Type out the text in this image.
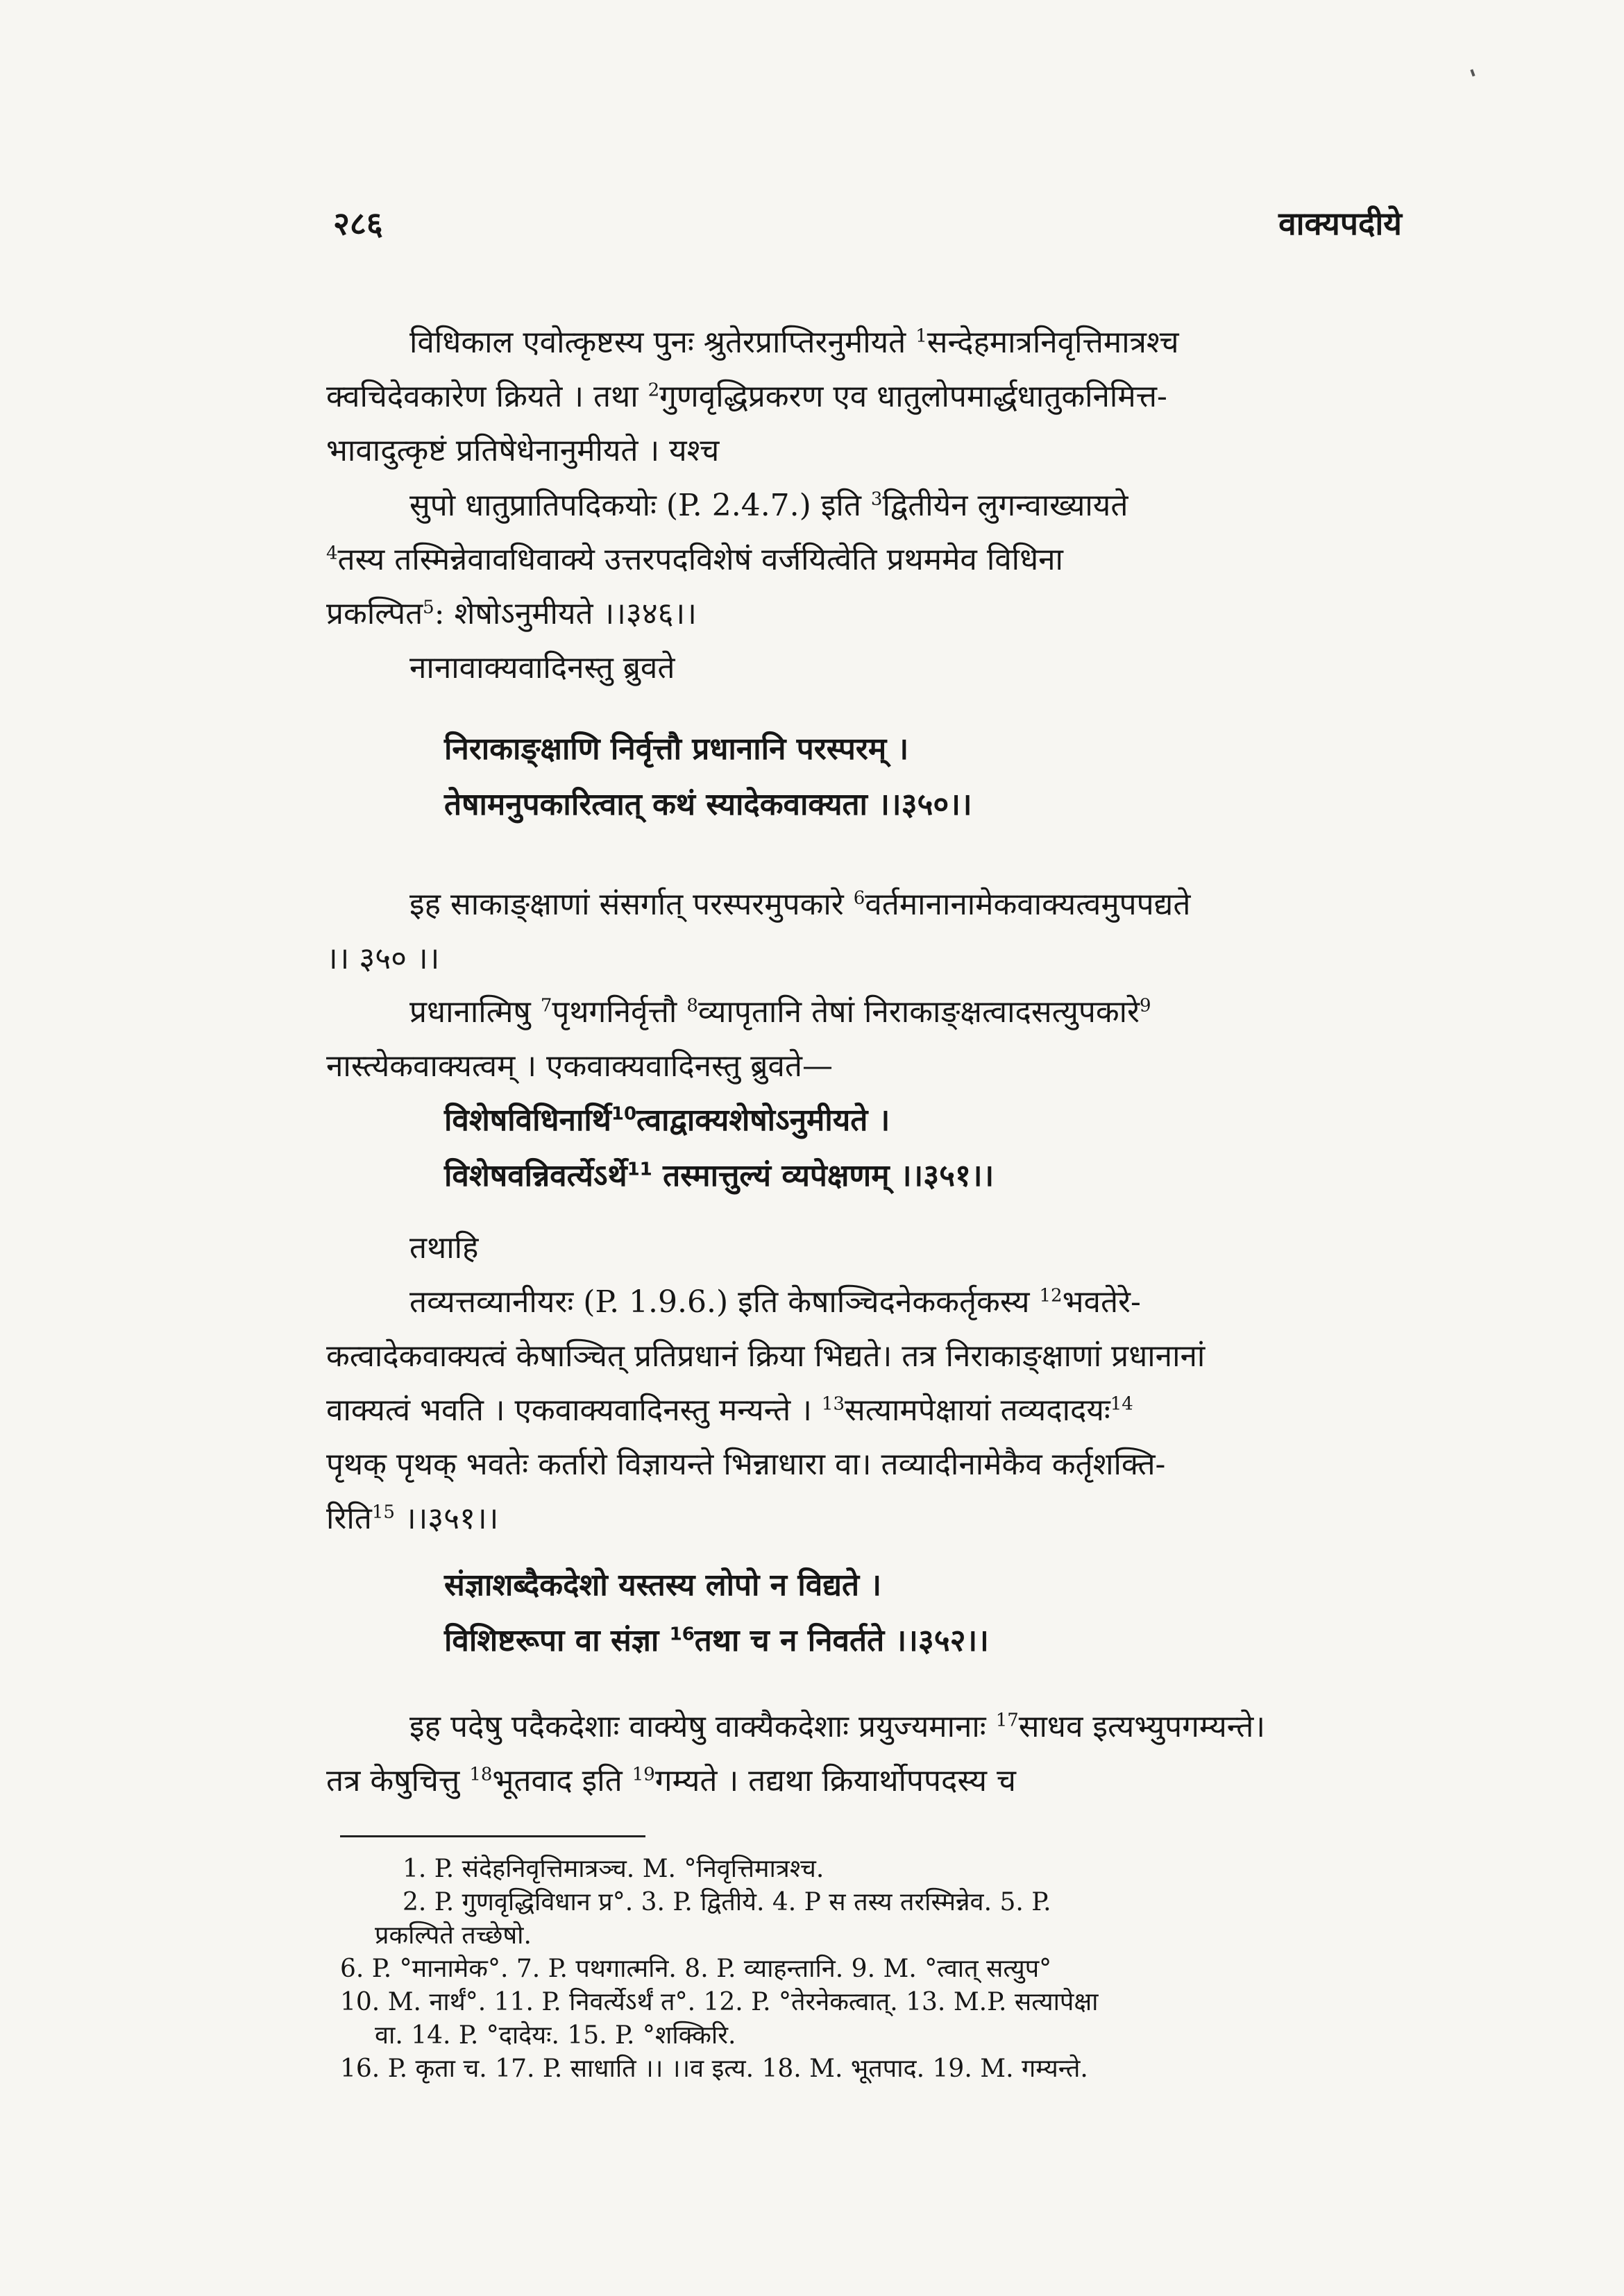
२८६	वाक्यपदीये

विधिकाल एवोत्कृष्टस्य पुनः श्रुतेरप्राप्तिरनुमीयते $^1$सन्देहमात्रनिवृत्तिमात्रश्च

क्वचिदेवकारेण क्रियते । तथा $^2$गुणवृद्धिप्रकरण एव धातुलोपमार्द्धधातुकनिमित्त-

भावादुत्कृष्टं प्रतिषेधेनानुमीयते । यश्च

सुपो धातुप्रातिपदिकयोः (P. 2.4.7.) इति $^3$द्वितीयेन लुगन्वाख्यायते

$^4$तस्य तस्मिन्नेवावधिवाक्ये उत्तरपदविशेषं वर्जयित्वेति प्रथममेव विधिना

प्रकल्पित$^5$: शेषोऽनुमीयते ।।३४६।।

नानावाक्यवादिनस्तु ब्रुवते

निराकाङ्क्षाणि निर्वृत्तौ प्रधानानि परस्परम् ।

तेषामनुपकारित्वात् कथं स्यादेकवाक्यता ।।३५०।।

इह साकाङ्क्षाणां संसर्गात् परस्परमुपकारे $^6$वर्तमानानामेकवाक्यत्वमुपपद्यते

।। ३५० ।।

प्रधानात्मिषु $^7$पृथगनिर्वृत्तौ $^8$व्यापृतानि तेषां निराकाङ्क्षत्वादसत्युपकारे$^9$

नास्त्येकवाक्यत्वम् । एकवाक्यवादिनस्तु ब्रुवते—

विशेषविधिनार्थि$^{10}$त्वाद्वाक्यशेषोऽनुमीयते ।

विशेषवन्निवर्त्येऽर्थे$^{11}$ तस्मात्तुल्यं व्यपेक्षणम् ।।३५१।।

तथाहि

तव्यत्तव्यानीयरः (P. 1.9.6.) इति केषाञ्चिदनेककर्तृकस्य $^{12}$भवतेरे-

कत्वादेकवाक्यत्वं केषाञ्चित् प्रतिप्रधानं क्रिया भिद्यते। तत्र निराकाङ्क्षाणां प्रधानानां

वाक्यत्वं भवति । एकवाक्यवादिनस्तु मन्यन्ते । $^{13}$सत्यामपेक्षायां तव्यदादयः$^{14}$

पृथक् पृथक् भवतेः कर्तारो विज्ञायन्ते भिन्नाधारा वा। तव्यादीनामेकैव कर्तृशक्ति-

रिति$^{15}$ ।।३५१।।

संज्ञाशब्दैकदेशो यस्तस्य लोपो न विद्यते ।

विशिष्टरूपा वा संज्ञा $^{16}$तथा च न निवर्तते ।।३५२।।

इह पदेषु पदैकदेशाः वाक्येषु वाक्यैकदेशाः प्रयुज्यमानाः $^{17}$साधव इत्यभ्युपगम्यन्ते।

तत्र केषुचित्तु $^{18}$भूतवाद इति $^{19}$गम्यते । तद्यथा क्रियार्थोपपदस्य च

1. P. संदेहनिवृत्तिमात्रञ्च. M. °निवृत्तिमात्रश्च.

2. P. गुणवृद्धिविधान प्र°. 3. P. द्वितीये. 4. P स तस्य तरस्मिन्नेव. 5. P.

प्रकल्पिते तच्छेषो.

6. P. °मानामेक°. 7. P. पथगात्मनि. 8. P. व्याहन्तानि. 9. M. °त्वात् सत्युप°

10. M. नार्थं°. 11. P. निवर्त्येऽर्थं त°. 12. P. °तेरनेकत्वात्. 13. M.P. सत्यापेक्षा

वा. 14. P. °दादेयः. 15. P. °शक्किरि.

16. P. कृता च. 17. P. साधाति ।। ।।व इत्य. 18. M. भूतपाद. 19. M. गम्यन्ते.
